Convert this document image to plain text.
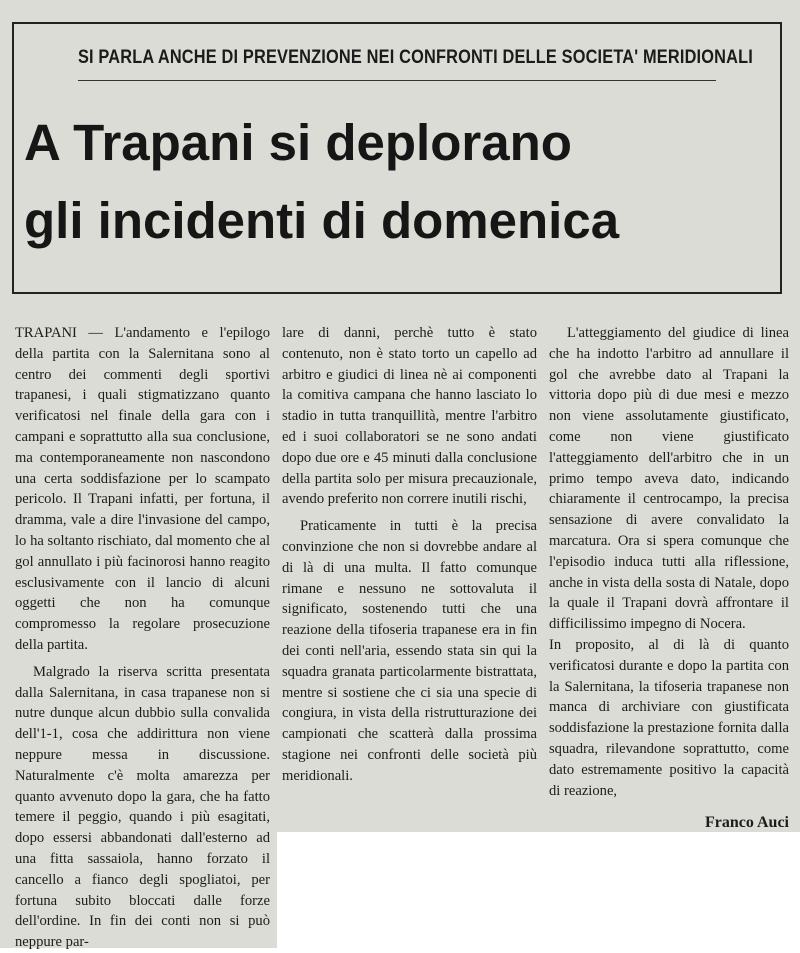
SI PARLA ANCHE DI PREVENZIONE NEI CONFRONTI DELLE SOCIETA' MERIDIONALI
A Trapani si deplorano
gli incidenti di domenica

TRAPANI — L'andamento e l'epilogo della partita con la Salernitana sono al centro dei commenti degli sportivi trapanesi, i quali stigmatizzano quanto verificatosi nel finale della gara con i campani e soprattutto alla sua conclusione, ma contemporaneamente non nascondono una certa soddisfazione per lo scampato pericolo. Il Trapani infatti, per fortuna, il dramma, vale a dire l'invasione del campo, lo ha soltanto rischiato, dal momento che al gol annullato i più facinorosi hanno reagito esclusivamente con il lancio di alcuni oggetti che non ha comunque compromesso la regolare prosecuzione della partita.

Malgrado la riserva scritta presentata dalla Salernitana, in casa trapanese non si nutre dunque alcun dubbio sulla convalida dell'1-1, cosa che addirittura non viene neppure messa in discussione. Naturalmente c'è molta amarezza per quanto avvenuto dopo la gara, che ha fatto temere il peggio, quando i più esagitati, dopo essersi abbandonati dall'esterno ad una fitta sassaiola, hanno forzato il cancello a fianco degli spogliatoi, per fortuna subito bloccati dalle forze dell'ordine. In fin dei conti non si può neppure par-

lare di danni, perchè tutto è stato contenuto, non è stato torto un capello ad arbitro e giudici di linea nè ai componenti la comitiva campana che hanno lasciato lo stadio in tutta tranquillità, mentre l'arbitro ed i suoi collaboratori se ne sono andati dopo due ore e 45 minuti dalla conclusione della partita solo per misura precauzionale, avendo preferito non correre inutili rischi,

Praticamente in tutti è la precisa convinzione che non si dovrebbe andare al di là di una multa. Il fatto comunque rimane e nessuno ne sottovaluta il significato, sostenendo tutti che una reazione della tifoseria trapanese era in fin dei conti nell'aria, essendo stata sin qui la squadra granata particolarmente bistrattata, mentre si sostiene che ci sia una specie di congiura, in vista della ristrutturazione dei campionati che scatterà dalla prossima stagione nei confronti delle società più meridionali.

L'atteggiamento del giudice di linea che ha indotto l'arbitro ad annullare il gol che avrebbe dato al Trapani la vittoria dopo più di due mesi e mezzo non viene assolutamente giustificato, come non viene giustificato l'atteggiamento dell'arbitro che in un primo tempo aveva dato, indicando chiaramente il centrocampo, la precisa sensazione di avere convalidato la marcatura. Ora si spera comunque che l'episodio induca tutti alla riflessione, anche in vista della sosta di Natale, dopo la quale il Trapani dovrà affrontare il difficilissimo impegno di Nocera.

In proposito, al di là di quanto verificatosi durante e dopo la partita con la Salernitana, la tifoseria trapanese non manca di archiviare con giustificata soddisfazione la prestazione fornita dalla squadra, rilevandone soprattutto, come dato estremamente positivo la capacità di reazione,

Franco Auci
